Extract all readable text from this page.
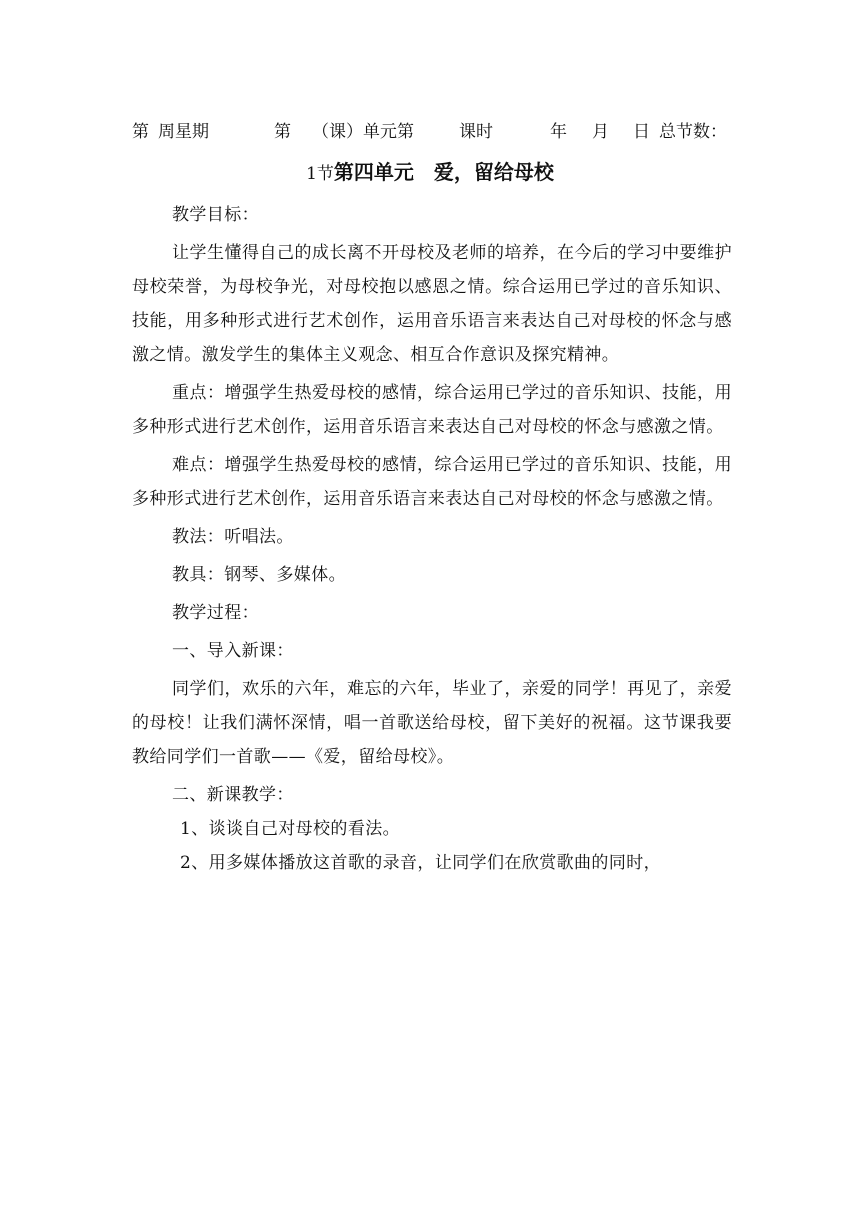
第 周星期	第 （课）单元第	课时	年 月 日 总节数：
1节第四单元　爱，留给母校

教学目标：

让学生懂得自己的成长离不开母校及老师的培养，在今后的学习中要维护母校荣誉，为母校争光，对母校抱以感恩之情。综合运用已学过的音乐知识、技能，用多种形式进行艺术创作，运用音乐语言来表达自己对母校的怀念与感激之情。激发学生的集体主义观念、相互合作意识及探究精神。

重点：增强学生热爱母校的感情，综合运用已学过的音乐知识、技能，用多种形式进行艺术创作，运用音乐语言来表达自己对母校的怀念与感激之情。

难点：增强学生热爱母校的感情，综合运用已学过的音乐知识、技能，用多种形式进行艺术创作，运用音乐语言来表达自己对母校的怀念与感激之情。

教法：听唱法。

教具：钢琴、多媒体。

教学过程：

一、导入新课：

同学们，欢乐的六年，难忘的六年，毕业了，亲爱的同学！再见了，亲爱的母校！让我们满怀深情，唱一首歌送给母校，留下美好的祝福。这节课我要教给同学们一首歌——《爱，留给母校》。

二、新课教学：

1、谈谈自己对母校的看法。

2、用多媒体播放这首歌的录音，让同学们在欣赏歌曲的同时，
